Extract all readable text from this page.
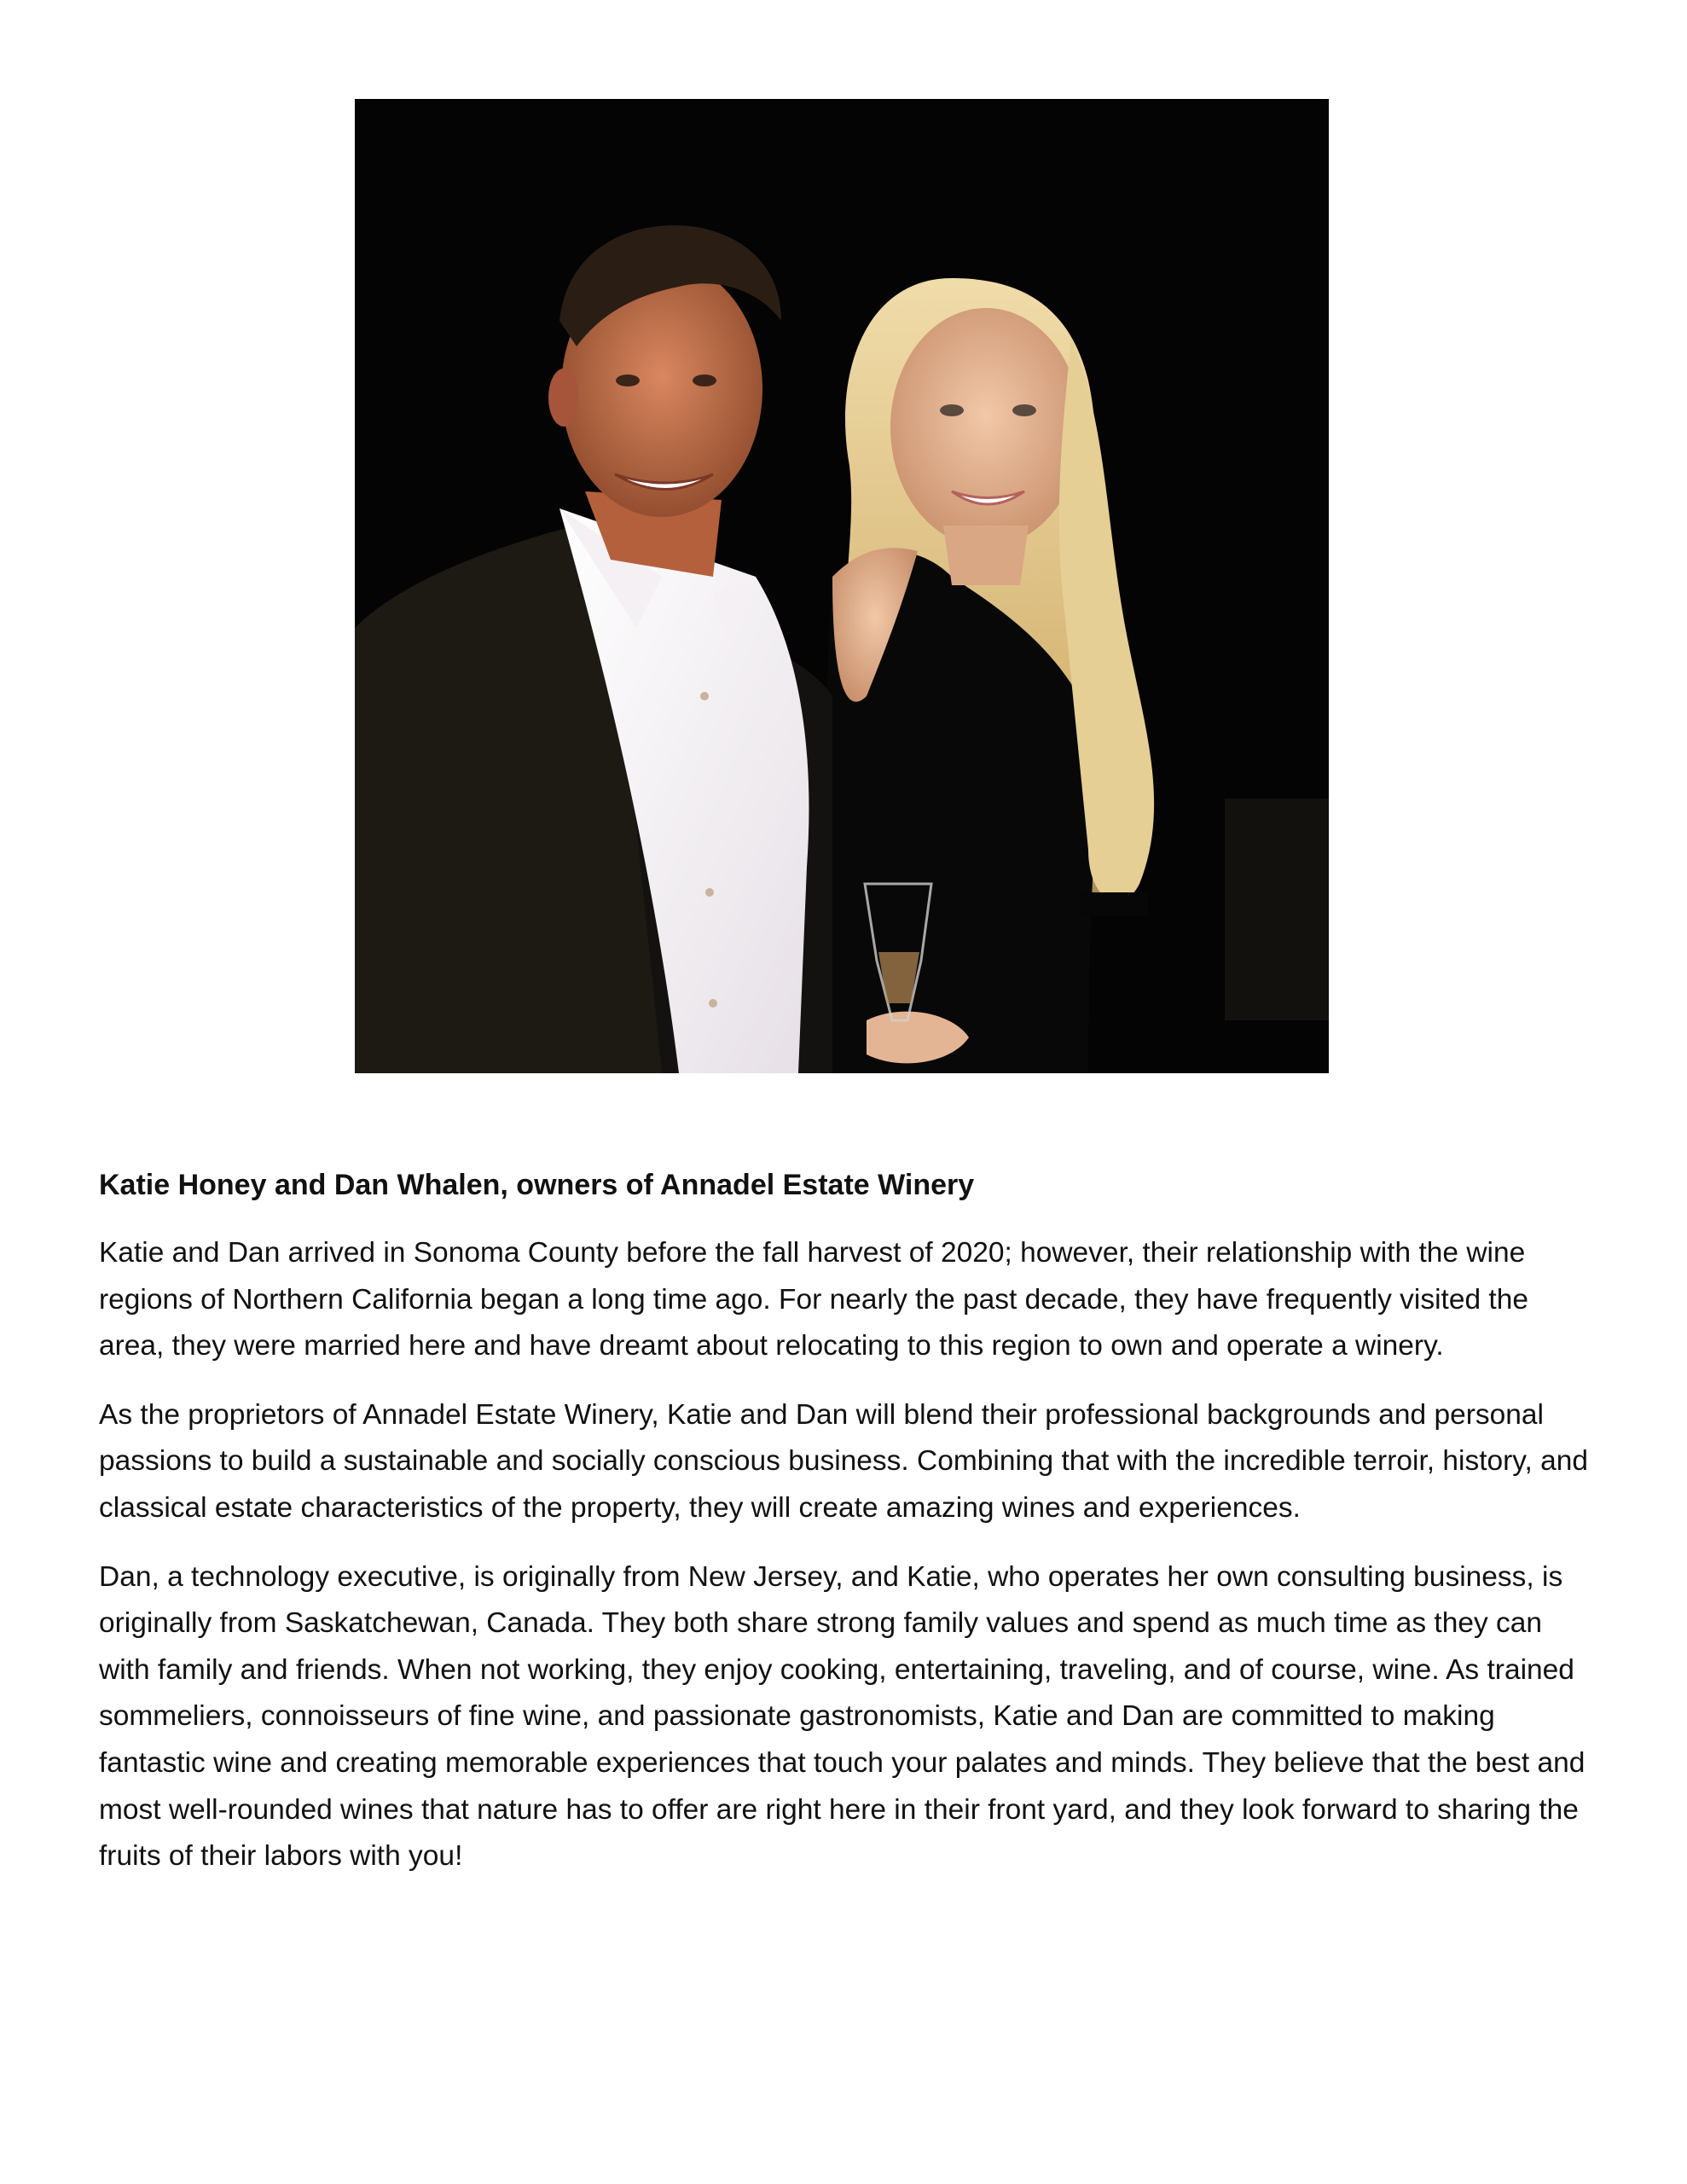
Katie Honey and Dan Whalen, owners of Annadel Estate Winery

Katie and Dan arrived in Sonoma County before the fall harvest of 2020; however, their relationship with the wine regions of Northern California began a long time ago. For nearly the past decade, they have frequently visited the area, they were married here and have dreamt about relocating to this region to own and operate a winery.

As the proprietors of Annadel Estate Winery, Katie and Dan will blend their professional backgrounds and personal passions to build a sustainable and socially conscious business. Combining that with the incredible terroir, history, and classical estate characteristics of the property, they will create amazing wines and experiences.

Dan, a technology executive, is originally from New Jersey, and Katie, who operates her own consulting business, is originally from Saskatchewan, Canada. They both share strong family values and spend as much time as they can with family and friends. When not working, they enjoy cooking, entertaining, traveling, and of course, wine. As trained sommeliers, connoisseurs of fine wine, and passionate gastronomists, Katie and Dan are committed to making fantastic wine and creating memorable experiences that touch your palates and minds. They believe that the best and most well-rounded wines that nature has to offer are right here in their front yard, and they look forward to sharing the fruits of their labors with you!
